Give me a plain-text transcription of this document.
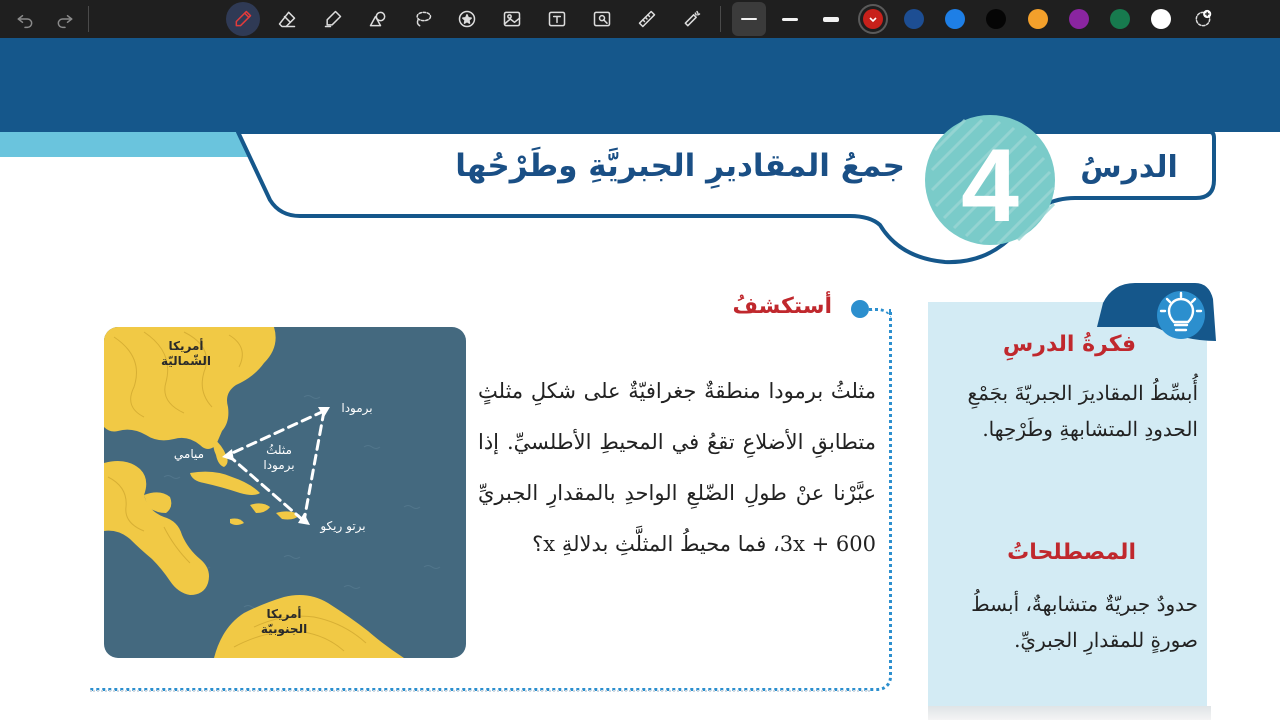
الدرسُ
4
جمعُ المقاديرِ الجبريَّةِ وطَرْحُها
أستكشفُ
مثلثُ برمودا منطقةٌ جغرافيّةٌ على شكلِ مثلثٍ متطابقِ الأضلاعِ تقعُ في المحيطِ الأطلسيِّ. إذا عبَّرْنا عنْ طولِ الضّلعِ الواحدِ بالمقدارِ الجبريِّ 600 + 3x، فما محيطُ المثلَّثِ بدلالةِ x؟
أمريكا الشّماليّة
أمريكا الجنوبيّة
برمودا
ميامي
برتو ريكو
مثلثُ برمودا
فكرةُ الدرسِ
أُبسِّطُ المقاديرَ الجبريّةَ بجَمْعِ الحدودِ المتشابهةِ وطَرْحِها.
المصطلحاتُ
حدودٌ جبريّةٌ متشابهةٌ، أبسطُ صورةٍ للمقدارِ الجبريِّ.
